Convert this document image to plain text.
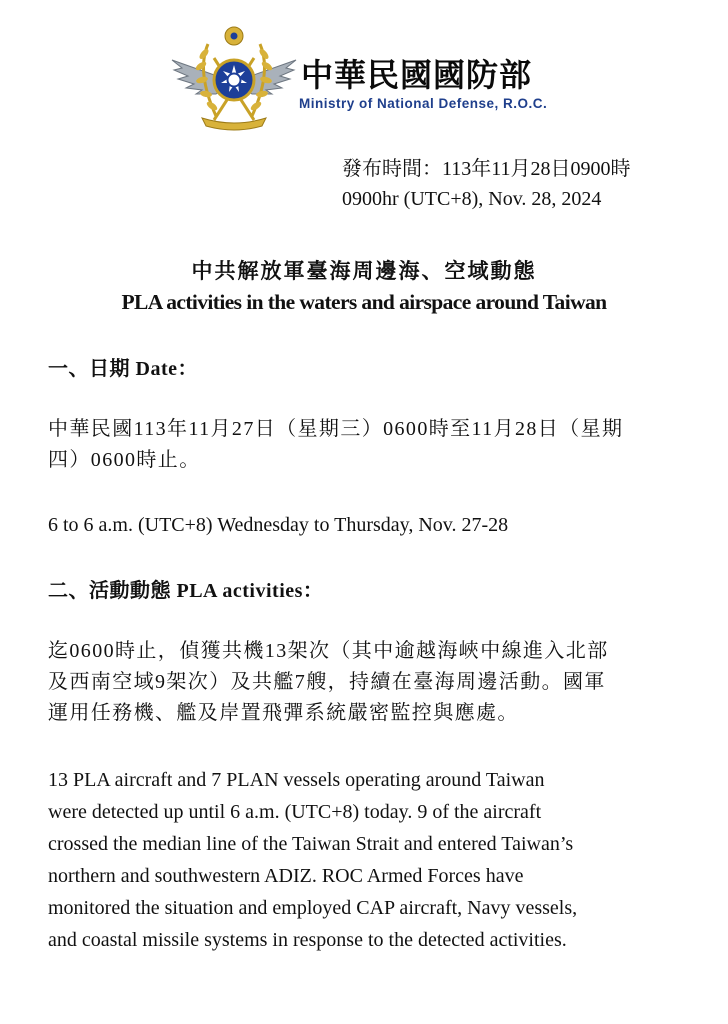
中華民國國防部
Ministry of National Defense, R.O.C.
發布時間：113年11月28日0900時
0900hr (UTC+8), Nov. 28, 2024
中共解放軍臺海周邊海、空域動態
PLA activities in the waters and airspace around Taiwan
一、日期 Date：
中華民國113年11月27日（星期三）0600時至11月28日（星期
四）0600時止。
6 to 6 a.m. (UTC+8) Wednesday to Thursday, Nov. 27-28
二、活動動態 PLA activities：
迄0600時止，偵獲共機13架次（其中逾越海峽中線進入北部
及西南空域9架次）及共艦7艘，持續在臺海周邊活動。國軍
運用任務機、艦及岸置飛彈系統嚴密監控與應處。
13 PLA aircraft and 7 PLAN vessels operating around Taiwan
were detected up until 6 a.m. (UTC+8) today. 9 of the aircraft
crossed the median line of the Taiwan Strait and entered Taiwan’s
northern and southwestern ADIZ. ROC Armed Forces have
monitored the situation and employed CAP aircraft, Navy vessels,
and coastal missile systems in response to the detected activities.
